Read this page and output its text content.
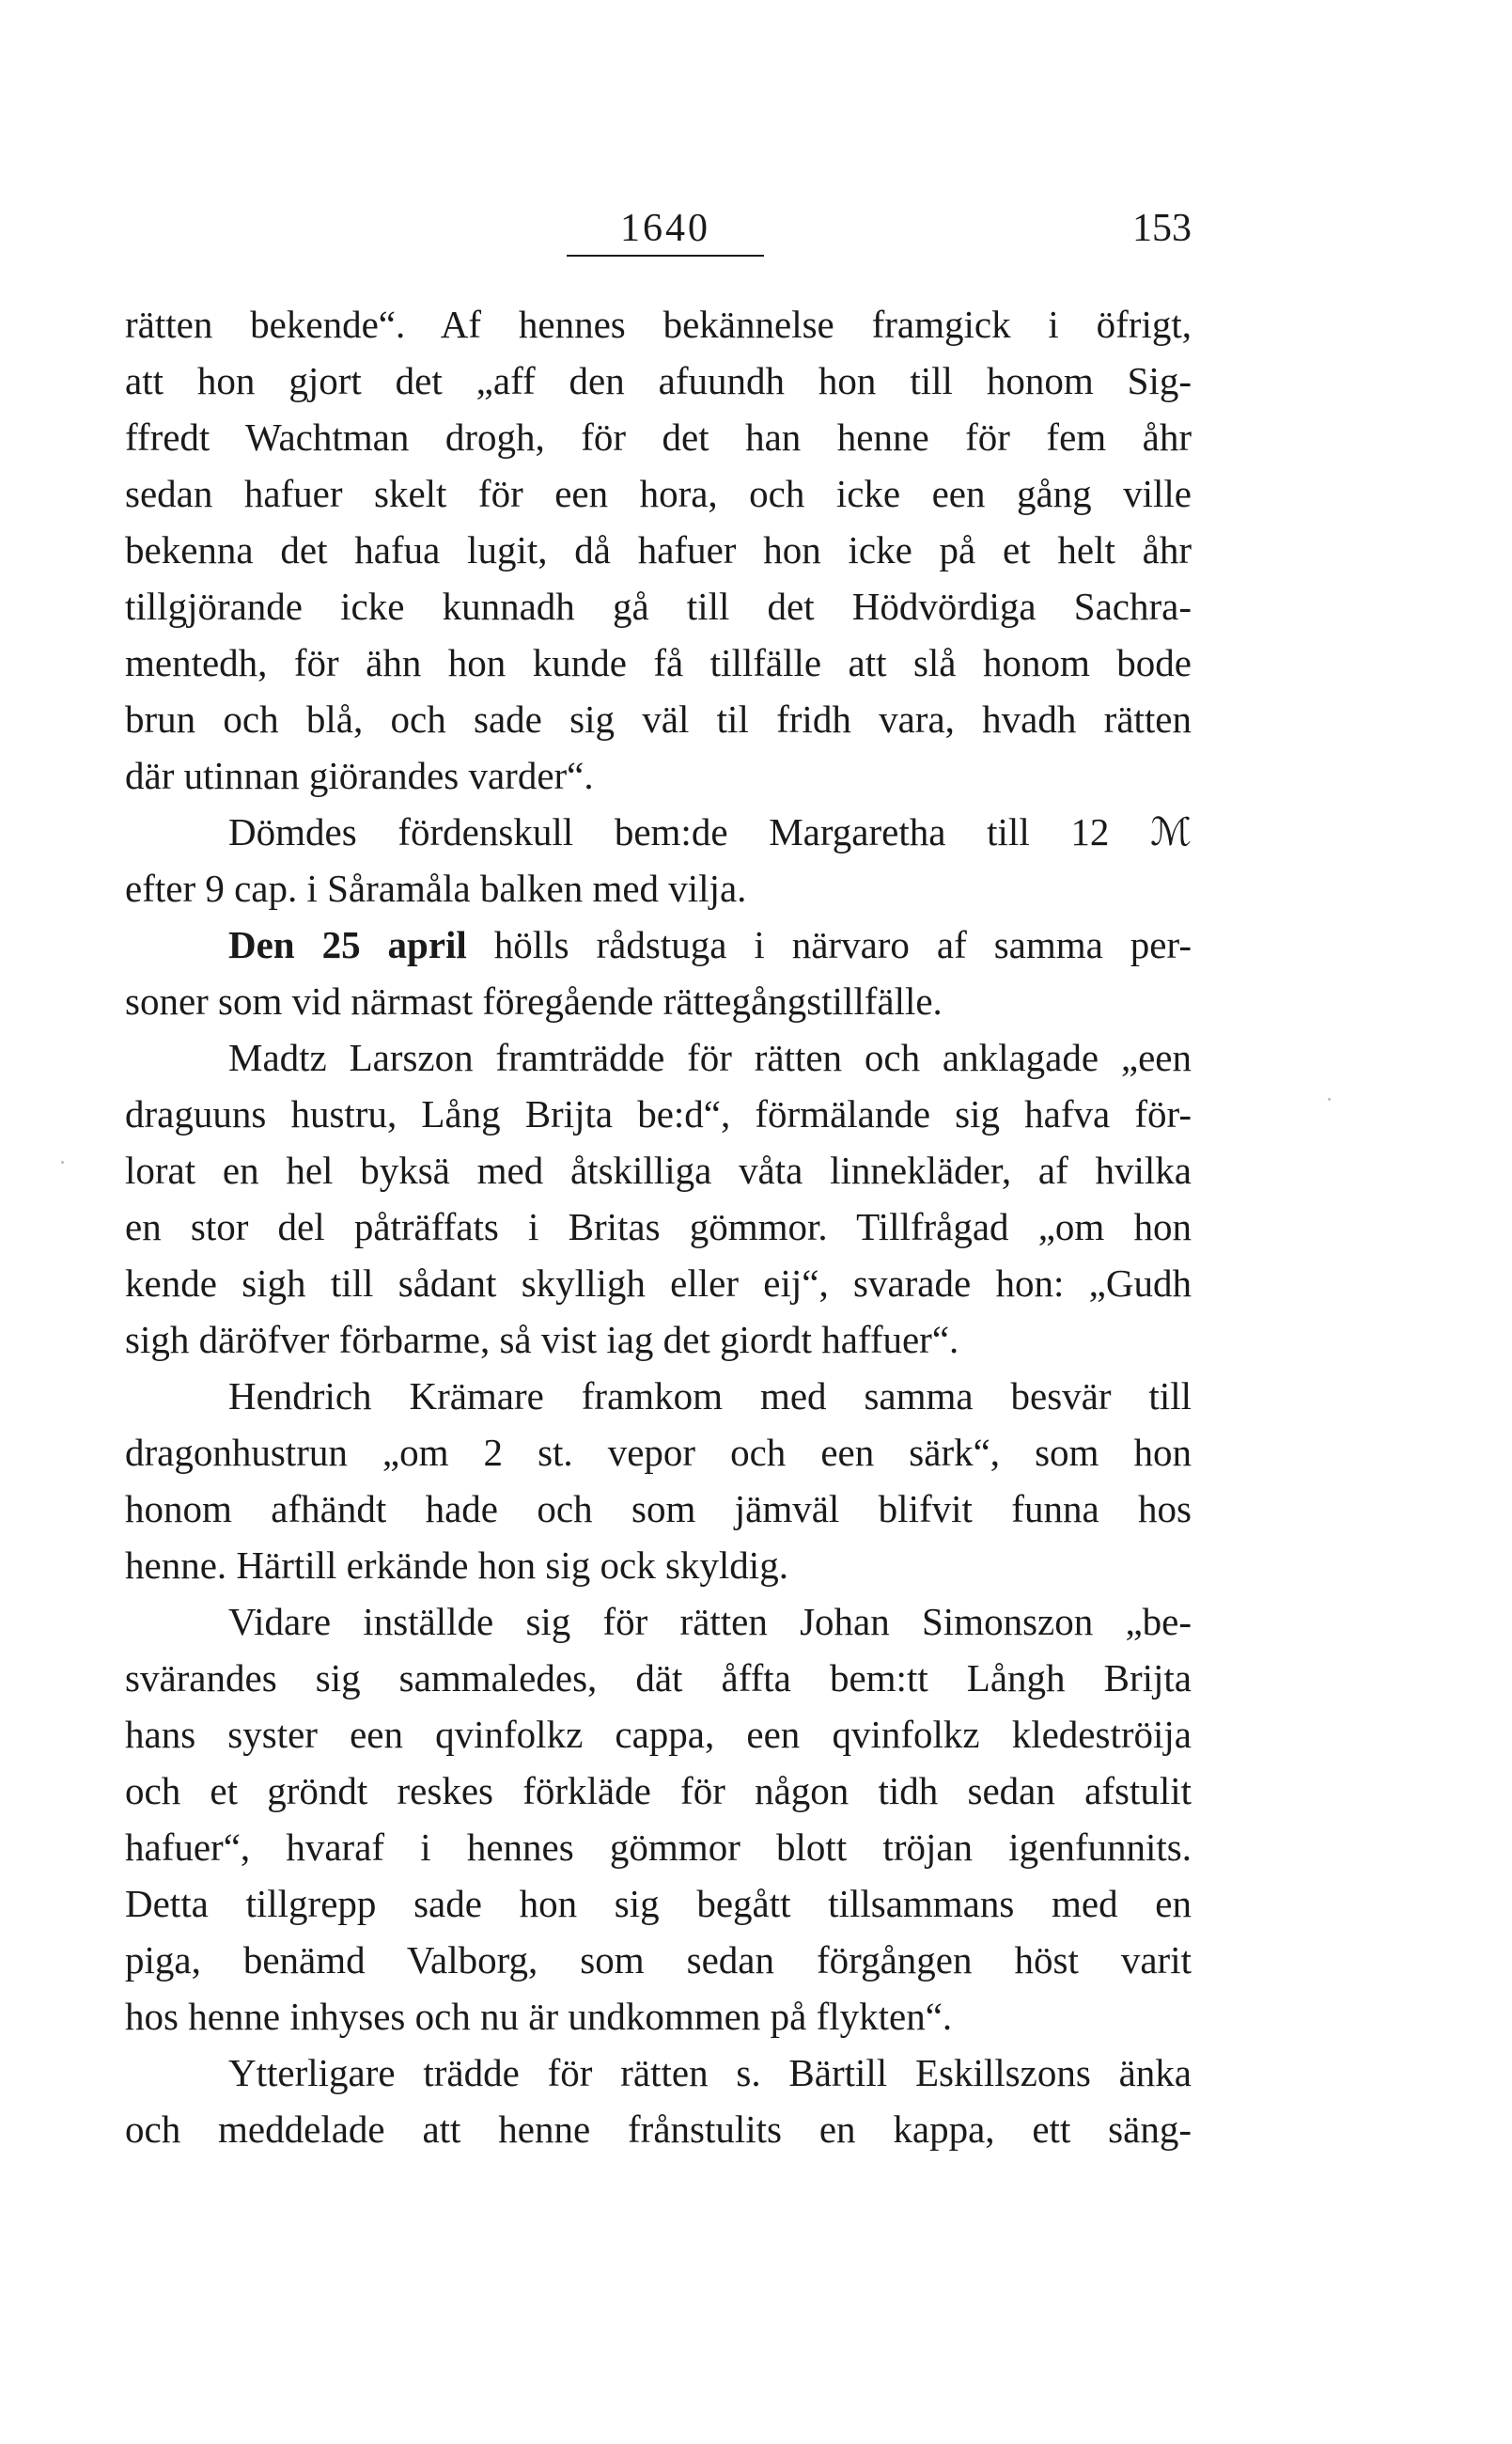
1640	153
rätten bekende“. Af hennes bekännelse framgick i öfrigt,
att hon gjort det „aff den afuundh hon till honom Sig-
ffredt Wachtman drogh, för det han henne för fem åhr
sedan hafuer skelt för een hora, och icke een gång ville
bekenna det hafua lugit, då hafuer hon icke på et helt åhr
tillgjörande icke kunnadh gå till det Hödvördiga Sachra-
mentedh, för ähn hon kunde få tillfälle att slå honom bode
brun och blå, och sade sig väl til fridh vara, hvadh rätten
där utinnan giörandes varder“.
Dömdes fördenskull bem:de Margaretha till 12 ℳ
efter 9 cap. i Såramåla balken med vilja.
Den 25 april hölls rådstuga i närvaro af samma per-
soner som vid närmast föregående rättegångstillfälle.
Madtz Larszon framträdde för rätten och anklagade „een
draguuns hustru, Lång Brijta be:d“, förmälande sig hafva för-
lorat en hel byksä med åtskilliga våta linnekläder, af hvilka
en stor del påträffats i Britas gömmor. Tillfrågad „om hon
kende sigh till sådant skylligh eller eij“, svarade hon: „Gudh
sigh däröfver förbarme, så vist iag det giordt haffuer“.
Hendrich Krämare framkom med samma besvär till
dragonhustrun „om 2 st. vepor och een särk“, som hon
honom afhändt hade och som jämväl blifvit funna hos
henne. Härtill erkände hon sig ock skyldig.
Vidare inställde sig för rätten Johan Simonszon „be-
svärandes sig sammaledes, dät åffta bem:tt Långh Brijta
hans syster een qvinfolkz cappa, een qvinfolkz kledeströija
och et gröndt reskes förkläde för någon tidh sedan afstulit
hafuer“, hvaraf i hennes gömmor blott tröjan igenfunnits.
Detta tillgrepp sade hon sig begått tillsammans med en
piga, benämd Valborg, som sedan förgången höst varit
hos henne inhyses och nu är undkommen på flykten“.
Ytterligare trädde för rätten s. Bärtill Eskillszons änka
och meddelade att henne frånstulits en kappa, ett säng-
